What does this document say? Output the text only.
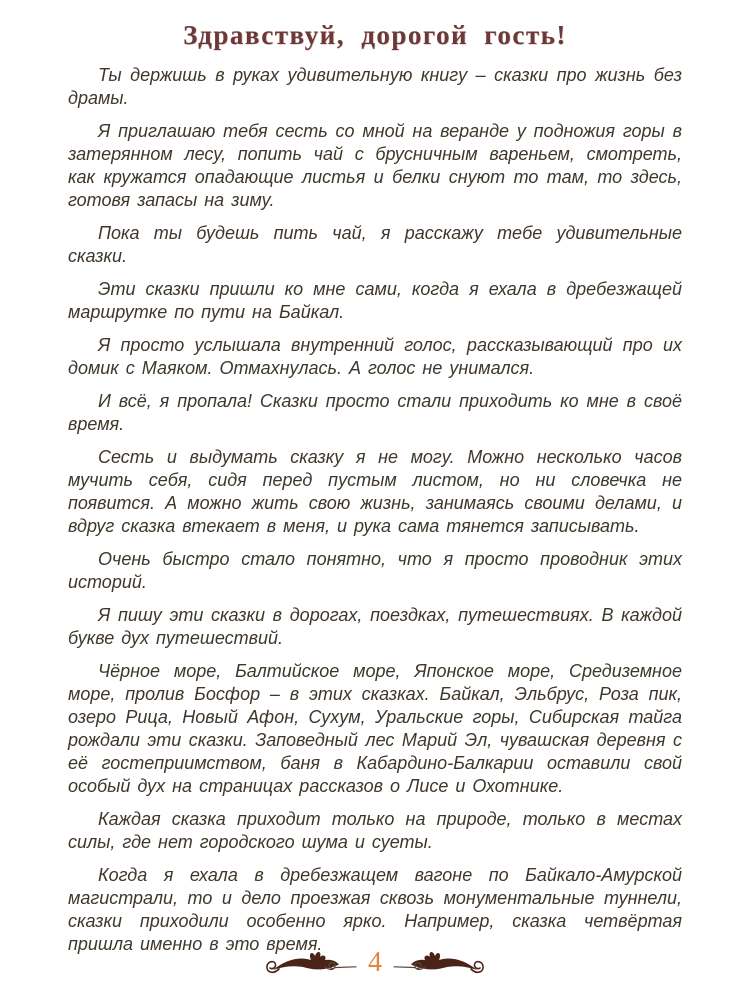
Здравствуй, дорогой гость!

Ты держишь в руках удивительную книгу – сказки про жизнь без драмы.

Я приглашаю тебя сесть со мной на веранде у подножия горы в затерянном лесу, попить чай с брусничным вареньем, смотреть, как кружатся опадающие листья и белки снуют то там, то здесь, готовя запасы на зиму.

Пока ты будешь пить чай, я расскажу тебе удивительные сказки.

Эти сказки пришли ко мне сами, когда я ехала в дребезжащей маршрутке по пути на Байкал.

Я просто услышала внутренний голос, рассказывающий про их домик с Маяком. Отмахнулась. А голос не унимался.

И всё, я пропала! Сказки просто стали приходить ко мне в своё время.

Сесть и выдумать сказку я не могу. Можно несколько часов мучить себя, сидя перед пустым листом, но ни словечка не появится. А можно жить свою жизнь, занимаясь своими делами, и вдруг сказка втекает в меня, и рука сама тянется записывать.

Очень быстро стало понятно, что я просто проводник этих историй.

Я пишу эти сказки в дорогах, поездках, путешествиях. В каждой букве дух путешествий.

Чёрное море, Балтийское море, Японское море, Средиземное море, пролив Босфор – в этих сказках. Байкал, Эльбрус, Роза пик, озеро Рица, Новый Афон, Сухум, Уральские горы, Сибирская тайга рождали эти сказки. Заповедный лес Марий Эл, чувашская деревня с её гостеприимством, баня в Кабардино-Балкарии оставили свой особый дух на страницах рассказов о Лисе и Охотнике.

Каждая сказка приходит только на природе, только в местах силы, где нет городского шума и суеты.

Когда я ехала в дребезжащем вагоне по Байкало-Амурской магистрали, то и дело проезжая сквозь монументальные туннели, сказки приходили особенно ярко. Например, сказка четвёртая пришла именно в это время.

4
